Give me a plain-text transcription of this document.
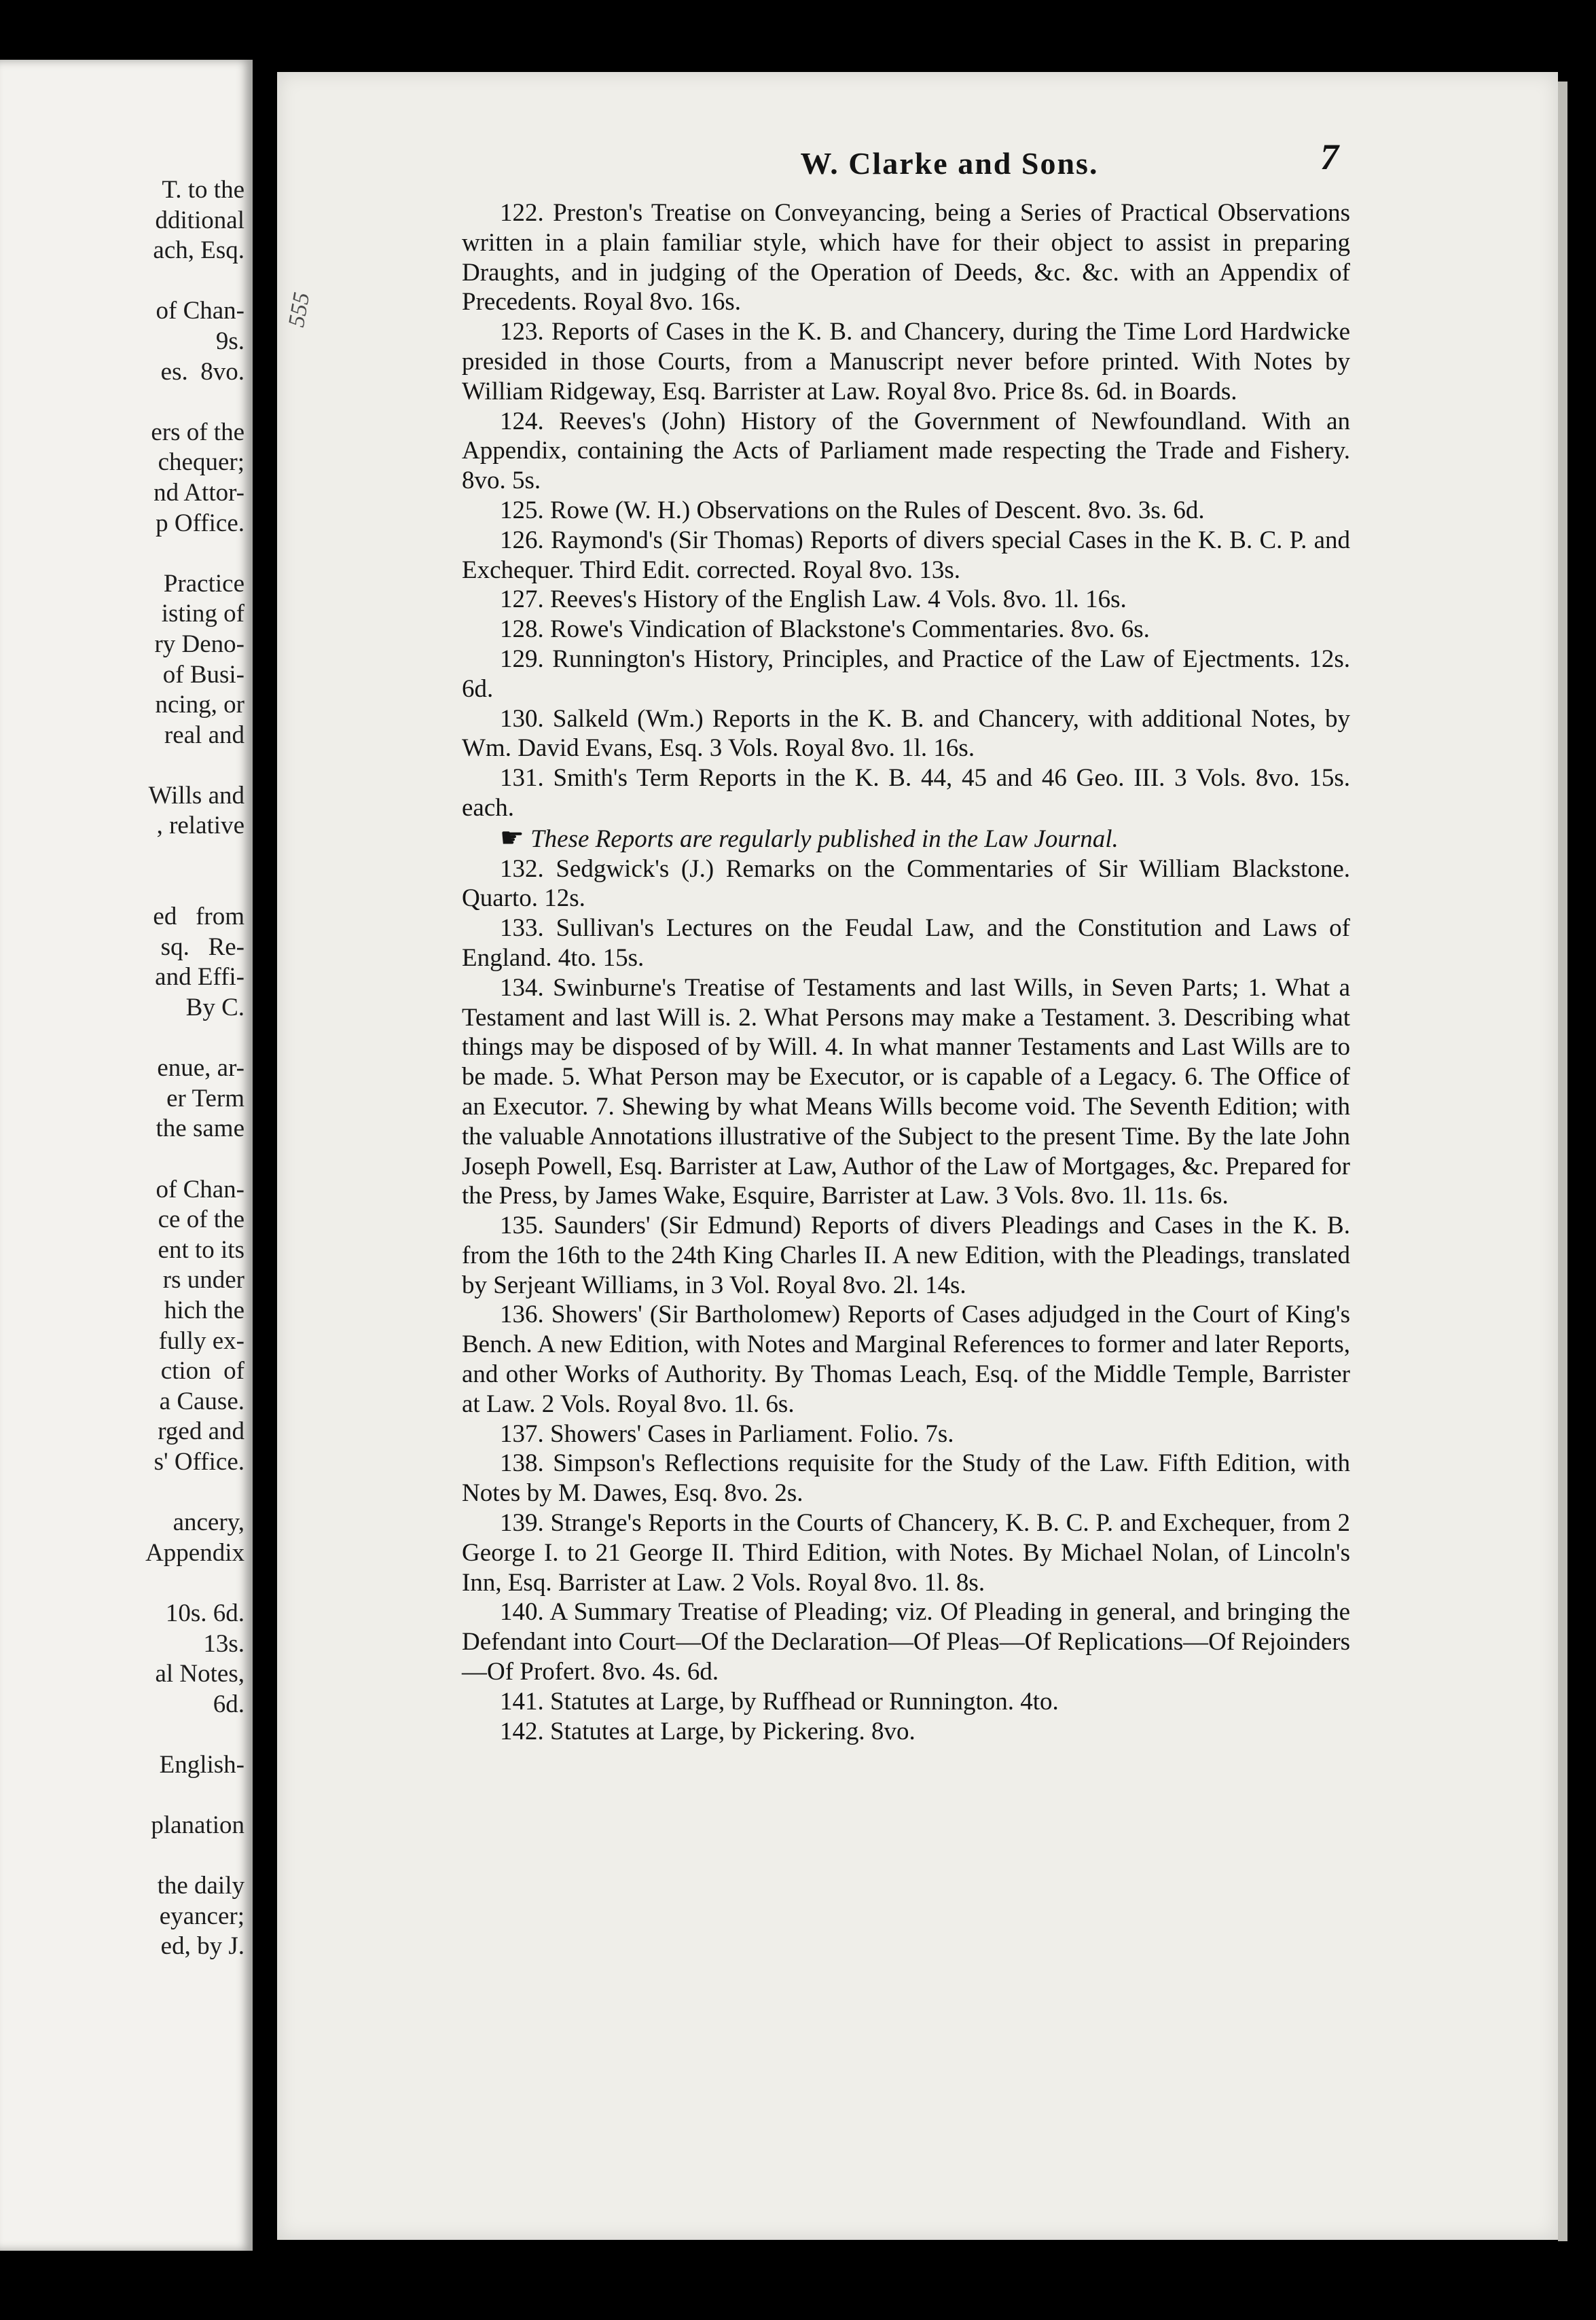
T. to the
dditional
ach, Esq.

of Chan-
9s.
es.  8vo.

ers of the
chequer;
nd Attor-
p Office.

Practice
isting of
ry Deno-
of Busi-
ncing, or
real and

Wills and
, relative

ed   from
sq.   Re-
and Effi-
By C.

enue, ar-
er Term
the same

of Chan-
ce of the
ent to its
rs under
hich the
fully ex-
ction  of
a Cause.
rged and
s' Office.

ancery,
Appendix

10s. 6d.
13s.
al Notes,
6d.

English-

planation

the daily
eyancer;
ed, by J.
W. Clarke and Sons.	7
555

122. Preston's Treatise on Conveyancing, being a Series of Practical Observations written in a plain familiar style, which have for their object to assist in preparing Draughts, and in judging of the Operation of Deeds, &c. &c. with an Appendix of Precedents. Royal 8vo. 16s.

123. Reports of Cases in the K. B. and Chancery, during the Time Lord Hardwicke presided in those Courts, from a Manuscript never before printed. With Notes by William Ridgeway, Esq. Barrister at Law. Royal 8vo. Price 8s. 6d. in Boards.

124. Reeves's (John) History of the Government of Newfoundland. With an Appendix, containing the Acts of Parliament made respecting the Trade and Fishery. 8vo. 5s.

125. Rowe (W. H.) Observations on the Rules of Descent. 8vo. 3s. 6d.

126. Raymond's (Sir Thomas) Reports of divers special Cases in the K. B. C. P. and Exchequer. Third Edit. corrected. Royal 8vo. 13s.

127. Reeves's History of the English Law. 4 Vols. 8vo. 1l. 16s.

128. Rowe's Vindication of Blackstone's Commentaries. 8vo. 6s.

129. Runnington's History, Principles, and Practice of the Law of Ejectments. 12s. 6d.

130. Salkeld (Wm.) Reports in the K. B. and Chancery, with additional Notes, by Wm. David Evans, Esq. 3 Vols. Royal 8vo. 1l. 16s.

131. Smith's Term Reports in the K. B. 44, 45 and 46 Geo. III. 3 Vols. 8vo. 15s. each.

☛ These Reports are regularly published in the Law Journal.

132. Sedgwick's (J.) Remarks on the Commentaries of Sir William Blackstone. Quarto. 12s.

133. Sullivan's Lectures on the Feudal Law, and the Constitution and Laws of England. 4to. 15s.

134. Swinburne's Treatise of Testaments and last Wills, in Seven Parts; 1. What a Testament and last Will is. 2. What Persons may make a Testament. 3. Describing what things may be disposed of by Will. 4. In what manner Testaments and Last Wills are to be made. 5. What Person may be Executor, or is capable of a Legacy. 6. The Office of an Executor. 7. Shewing by what Means Wills become void. The Seventh Edition; with the valuable Annotations illustrative of the Subject to the present Time. By the late John Joseph Powell, Esq. Barrister at Law, Author of the Law of Mortgages, &c. Prepared for the Press, by James Wake, Esquire, Barrister at Law. 3 Vols. 8vo. 1l. 11s. 6s.

135. Saunders' (Sir Edmund) Reports of divers Pleadings and Cases in the K. B. from the 16th to the 24th King Charles II. A new Edition, with the Pleadings, translated by Serjeant Williams, in 3 Vol. Royal 8vo. 2l. 14s.

136. Showers' (Sir Bartholomew) Reports of Cases adjudged in the Court of King's Bench. A new Edition, with Notes and Marginal References to former and later Reports, and other Works of Authority. By Thomas Leach, Esq. of the Middle Temple, Barrister at Law. 2 Vols. Royal 8vo. 1l. 6s.

137. Showers' Cases in Parliament. Folio. 7s.

138. Simpson's Reflections requisite for the Study of the Law. Fifth Edition, with Notes by M. Dawes, Esq. 8vo. 2s.

139. Strange's Reports in the Courts of Chancery, K. B. C. P. and Exchequer, from 2 George I. to 21 George II. Third Edition, with Notes. By Michael Nolan, of Lincoln's Inn, Esq. Barrister at Law. 2 Vols. Royal 8vo. 1l. 8s.

140. A Summary Treatise of Pleading; viz. Of Pleading in general, and bringing the Defendant into Court—Of the Declaration—Of Pleas—Of Replications—Of Rejoinders—Of Profert. 8vo. 4s. 6d.

141. Statutes at Large, by Ruffhead or Runnington. 4to.

142. Statutes at Large, by Pickering. 8vo.
